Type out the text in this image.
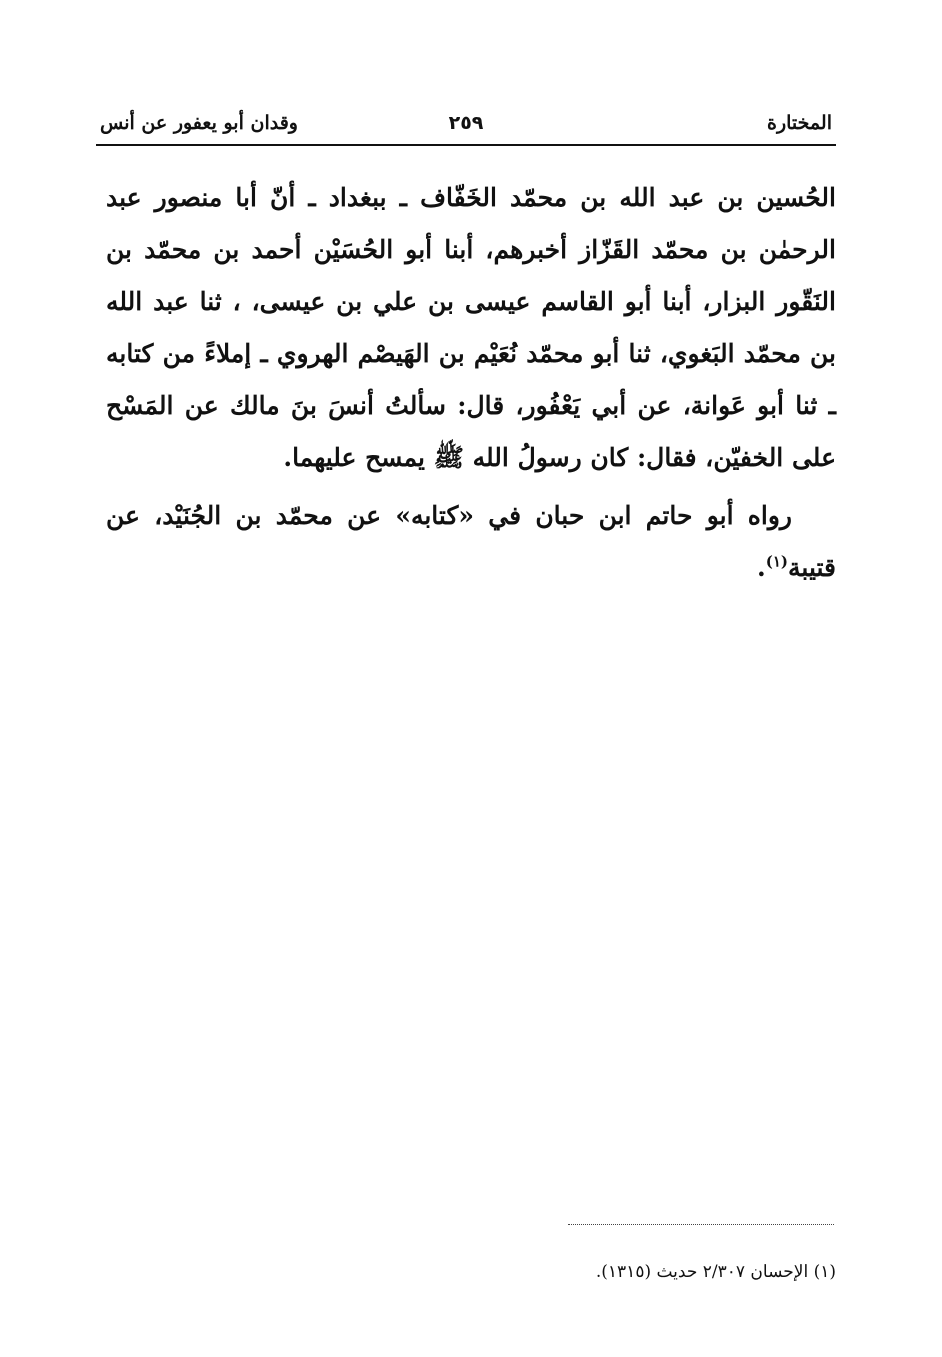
المختارة
٢٥٩
وقدان أبو يعفور عن أنس

الحُسين بن عبد الله بن محمّد الخَفّاف ـ ببغداد ـ أنّ أبا منصور عبد الرحمٰن بن محمّد القَزّاز أخبرهم، أبنا أبو الحُسَيْن أحمد بن محمّد بن النَقّور البزار، أبنا أبو القاسم عيسى بن علي بن عيسى، ، ثنا عبد الله بن محمّد البَغوي، ثنا أبو محمّد نُعَيْم بن الهَيصْم الهروي ـ إملاءً من كتابه ـ ثنا أبو عَوانة، عن أبي يَعْفُور، قال: سألتُ أنسَ بنَ مالك عن المَسْح على الخفيّن، فقال: كان رسولُ الله ﷺ يمسح عليهما.

رواه أبو حاتم ابن حبان في «كتابه» عن محمّد بن الجُنَيْد، عن قتيبة$^{(١)}$.

(١) الإحسان ٢/٣٠٧ حديث (١٣١٥).
